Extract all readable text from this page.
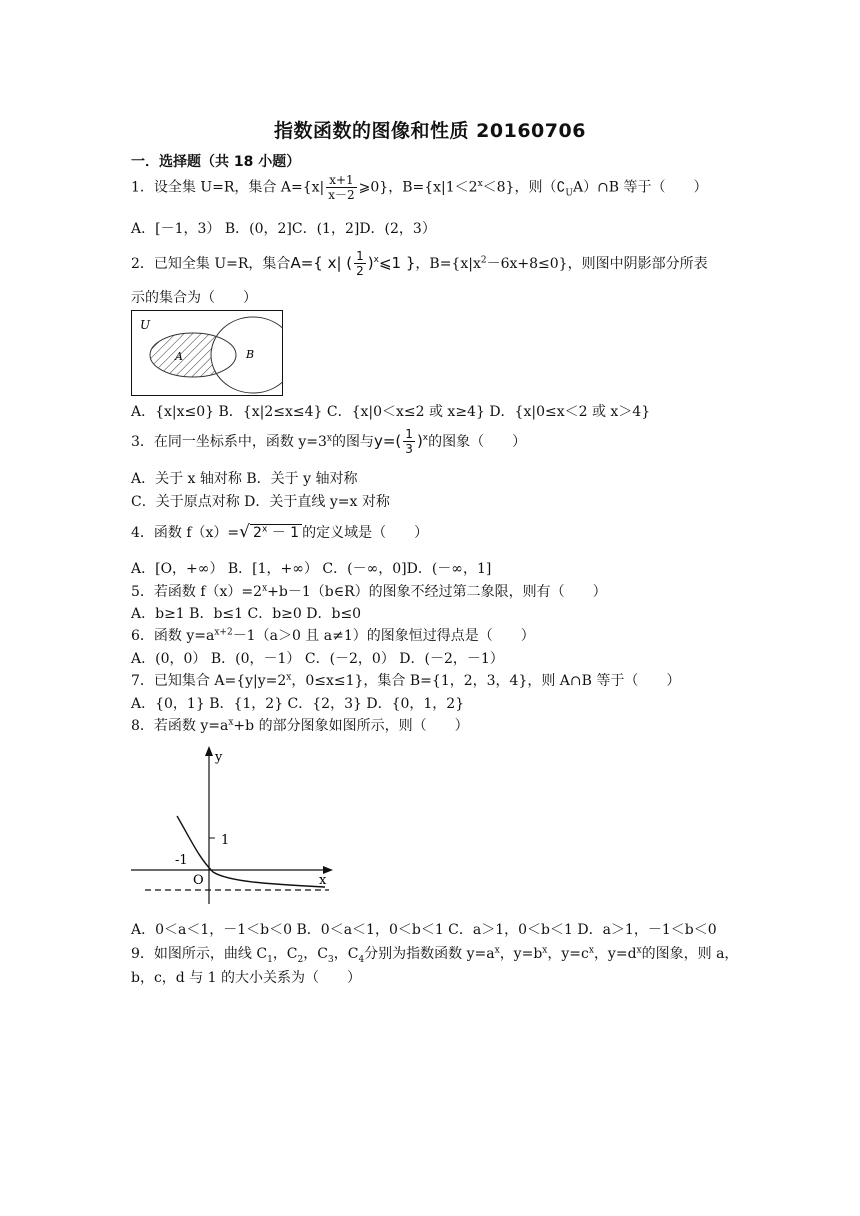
指数函数的图像和性质 20160706
一．选择题（共 18 小题）
1．设全集 U=R，集合 $A=\{x| \frac{x+1}{x-2}$ ⩾0}，$B=\{x|1<2^x<8\}$，则$(∁_UA)\cap B$ 等于（　　）
A．[－1，3） B．(0，2]C．(1，2]D．(2，3）
2．已知全集 U=R，集合A={ x| ( $\frac{1}{2}$ )$^x$⩽1 }，$B=\{x|x^2-6x+8\le 0\}$，则图中阴影部分所表
示的集合为（　　）
U
A	B
A．{x|x≤0} B．{x|2≤x≤4} C．{x|0＜x≤2 或 x≥4} D．{x|0≤x＜2 或 x＞4}
3．在同一坐标系中，函数 $y=3^x$的图与$y=( \frac{1}{3} )^x$的图象（　　）
A．关于 x 轴对称 B．关于 y 轴对称
C．关于原点对称 D．关于直线 y=x 对称
4．函数 f（x）=√ $2^x - 1$ 的定义域是（　　）
A．[O，+∞） B．[1，+∞） C．(－∞，0]D．(－∞，1]
5．若函数 $f(x)=2^x+b-1(b\in R)$的图象不经过第二象限，则有（　　）
A．b≥1 B．b≤1 C．b≥0 D．b≤0
6．函数 $y=a^{x+2}-1(a>0$ 且 a≠1）的图象恒过得点是（　　）
A．(0，0） B．(0，－1） C．(－2，0） D．(－2，－1）
7．已知集合 $A=\{y|y=2^x$，0≤x≤1}，集合 B={1，2，3，4}，则 A∩B 等于（　　）
A．{0，1} B．{1，2} C．{2，3} D．{0，1，2}
8．若函数 $y=a^x+b$ 的部分图象如图所示，则（　　）
y
x
1
-1
O
A．0＜a＜1，－1＜b＜0 B．0＜a＜1，0＜b＜1 C．a＞1，0＜b＜1 D．a＞1，－1＜b＜0
9．如图所示，曲线 $C_1$，$C_2$，$C_3$，$C_4$分别为指数函数 $y=a^x$，$y=b^x$，$y=c^x$，$y=d^x$的图象，则 a，
b，c，d 与 1 的大小关系为（　　）
